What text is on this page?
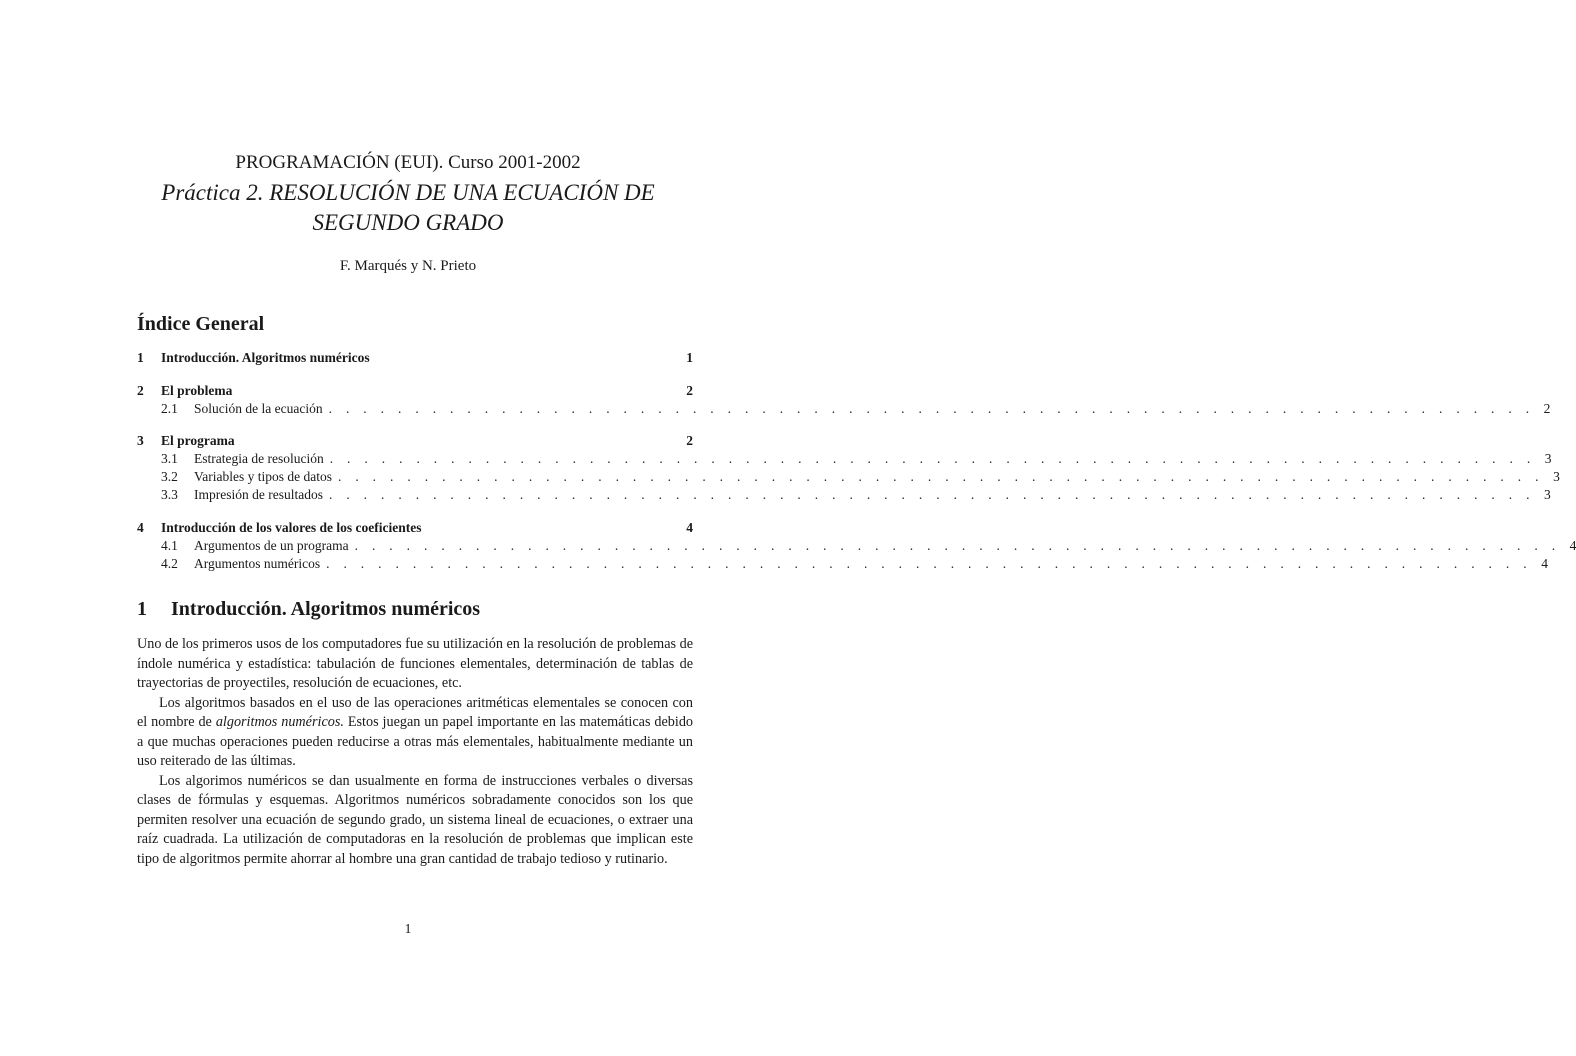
PROGRAMACIÓN (EUI). Curso 2001-2002
Práctica 2. RESOLUCIÓN DE UNA ECUACIÓN DE
SEGUNDO GRADO
F. Marqués y N. Prieto
Índice General
1	Introducción. Algoritmos numéricos	1
2	El problema	2
2.1	Solución de la ecuación . . . . . . . . . . . . . . . . . . . . . . . . . . . . . . . . . . . . . . . . . . . . . . . . . . . . . . . . . . . . . . . . . . . . . . 2
3	El programa	2
3.1	Estrategia de resolución . . . . . . . . . . . . . . . . . . . . . . . . . . . . . . . . . . . . . . . . . . . . . . . . . . . . . . . . . . . . . . . . . . . . . . 3
3.2	Variables y tipos de datos . . . . . . . . . . . . . . . . . . . . . . . . . . . . . . . . . . . . . . . . . . . . . . . . . . . . . . . . . . . . . . . . . . . . . . 3
3.3	Impresión de resultados . . . . . . . . . . . . . . . . . . . . . . . . . . . . . . . . . . . . . . . . . . . . . . . . . . . . . . . . . . . . . . . . . . . . . . 3
4	Introducción de los valores de los coeficientes	4
4.1	Argumentos de un programa . . . . . . . . . . . . . . . . . . . . . . . . . . . . . . . . . . . . . . . . . . . . . . . . . . . . . . . . . . . . . . . . . . . . . . 4
4.2	Argumentos numéricos . . . . . . . . . . . . . . . . . . . . . . . . . . . . . . . . . . . . . . . . . . . . . . . . . . . . . . . . . . . . . . . . . . . . . . 4
1 Introducción. Algoritmos numéricos

Uno de los primeros usos de los computadores fue su utilización en la resolución de problemas de índole numérica y estadística: tabulación de funciones elementales, determinación de tablas de trayectorias de proyectiles, resolución de ecuaciones, etc.

Los algoritmos basados en el uso de las operaciones aritméticas elementales se conocen con el nombre de algoritmos numéricos. Estos juegan un papel importante en las matemáticas debido a que muchas operaciones pueden reducirse a otras más elementales, habitualmente mediante un uso reiterado de las últimas.

Los algorimos numéricos se dan usualmente en forma de instrucciones verbales o diversas clases de fórmulas y esquemas. Algoritmos numéricos sobradamente conocidos son los que permiten resolver una ecuación de segundo grado, un sistema lineal de ecuaciones, o extraer una raíz cuadrada. La utilización de computadoras en la resolución de problemas que implican este tipo de algoritmos permite ahorrar al hombre una gran cantidad de trabajo tedioso y rutinario.

1
